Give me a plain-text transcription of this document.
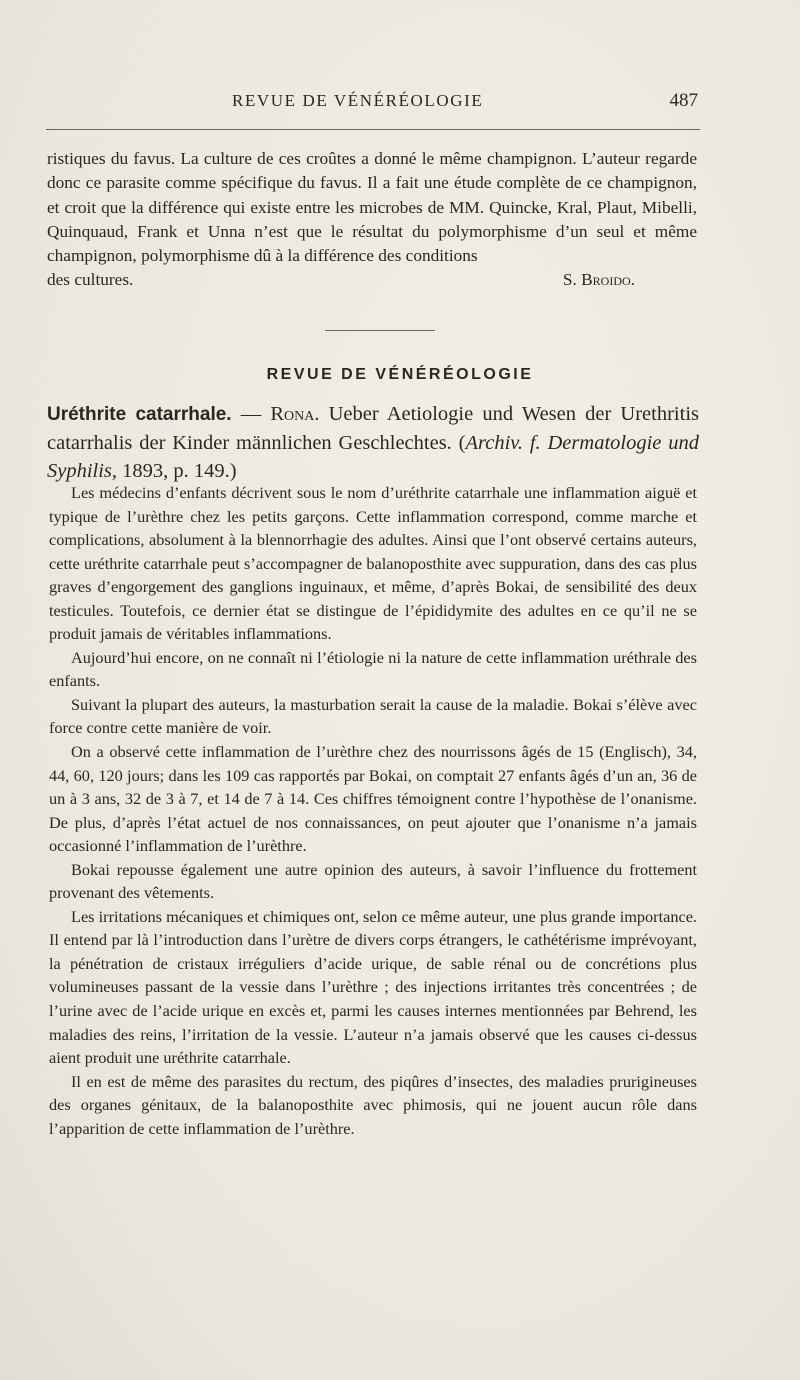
REVUE DE VÉNÉRÉOLOGIE	487

ristiques du favus. La culture de ces croûtes a donné le même champignon. L’auteur regarde donc ce parasite comme spécifique du favus. Il a fait une étude complète de ce champignon, et croit que la différence qui existe entre les microbes de MM. Quincke, Kral, Plaut, Mibelli, Quinquaud, Frank et Unna n’est que le résultat du polymorphisme d’un seul et même champignon, polymorphisme dû à la différence des conditions

des cultures.	S. Broido.
REVUE DE VÉNÉRÉOLOGIE
Uréthrite catarrhale. — Rona. Ueber Aetiologie und Wesen der Urethritis catarrhalis der Kinder männlichen Geschlechtes. (Archiv. f. Dermatologie und Syphilis, 1893, p. 149.)

Les médecins d’enfants décrivent sous le nom d’uréthrite catarrhale une inflammation aiguë et typique de l’urèthre chez les petits garçons. Cette inflammation correspond, comme marche et complications, absolument à la blennorrhagie des adultes. Ainsi que l’ont observé certains auteurs, cette uréthrite catarrhale peut s’accompagner de balanoposthite avec suppuration, dans des cas plus graves d’engorgement des ganglions inguinaux, et même, d’après Bokai, de sensibilité des deux testicules. Toutefois, ce dernier état se distingue de l’épididymite des adultes en ce qu’il ne se produit jamais de véritables inflammations.

Aujourd’hui encore, on ne connaît ni l’étiologie ni la nature de cette inflammation uréthrale des enfants.

Suivant la plupart des auteurs, la masturbation serait la cause de la maladie. Bokai s’élève avec force contre cette manière de voir.

On a observé cette inflammation de l’urèthre chez des nourrissons âgés de 15 (Englisch), 34, 44, 60, 120 jours; dans les 109 cas rapportés par Bokai, on comptait 27 enfants âgés d’un an, 36 de un à 3 ans, 32 de 3 à 7, et 14 de 7 à 14. Ces chiffres témoignent contre l’hypothèse de l’onanisme. De plus, d’après l’état actuel de nos connaissances, on peut ajouter que l’onanisme n’a jamais occasionné l’inflammation de l’urèthre.

Bokai repousse également une autre opinion des auteurs, à savoir l’influence du frottement provenant des vêtements.

Les irritations mécaniques et chimiques ont, selon ce même auteur, une plus grande importance. Il entend par là l’introduction dans l’urètre de divers corps étrangers, le cathétérisme imprévoyant, la pénétration de cristaux irréguliers d’acide urique, de sable rénal ou de concrétions plus volumineuses passant de la vessie dans l’urèthre ; des injections irritantes très concentrées ; de l’urine avec de l’acide urique en excès et, parmi les causes internes mentionnées par Behrend, les maladies des reins, l’irritation de la vessie. L’auteur n’a jamais observé que les causes ci-dessus aient produit une uréthrite catarrhale.

Il en est de même des parasites du rectum, des piqûres d’insectes, des maladies prurigineuses des organes génitaux, de la balanoposthite avec phimosis, qui ne jouent aucun rôle dans l’apparition de cette inflammation de l’urèthre.
